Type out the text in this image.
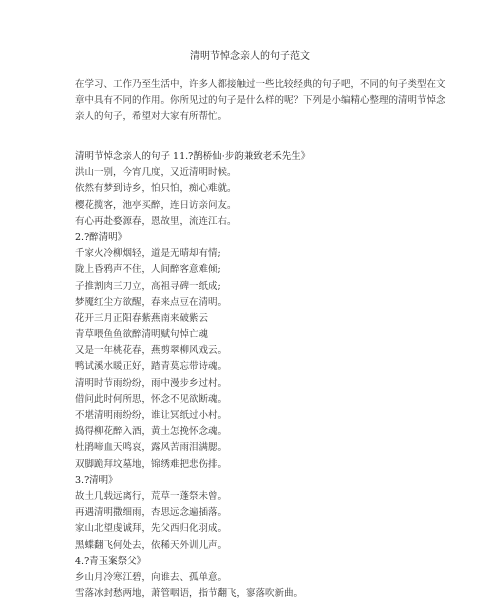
清明节悼念亲人的句子范文
在学习、工作乃至生活中，许多人都接触过一些比较经典的句子吧，不同的句子类型在文
章中具有不同的作用。你所见过的句子是什么样的呢？下列是小编精心整理的清明节悼念
亲人的句子，希望对大家有所帮忙。
清明节悼念亲人的句子 11.?鹊桥仙·步韵兼致老禾先生》
洪山一别，今宵几度，又近清明时候。
依然有梦到诗乡，怕只怕，痴心难就。
樱花揽客，池亭买醉，连日访亲问友。
有心再赴婺源春，恩故里，流连江右。
2.?醉清明》
千家火冷柳烟轻，道是无晴却有情;
陇上昏鸦声不住，人间醉客意难倾;
子推割肉三刀立，高祖寻碑一纸成;
梦魇红尘方欲醒，春来点豆在清明。
花开三月正阳春紫燕南来破紫云
青草喂鱼鱼欲醉清明赋句悼亡魂
又是一年桃花春，燕剪翠柳风戏云。
鸭试溪水暖正好，踏青莫忘带诗魂。
清明时节雨纷纷，雨中漫步乡过村。
借问此时何所思，怀念不见欲断魂。
不堪清明雨纷纷，谁让冥纸过小村。
捣得柳花醉入酒，黄土怎挽怀念魂。
杜鹃啼血天鸣哀，露风苦雨泪满腮。
双脚跪拜坟墓地，锦绣难把悲伤排。
3.?清明》
故土几载远离行，荒草一蓬祭未曾。
再遇清明撒细雨，杏思远念遍插落。
家山北望虔诚拜，先父西归化羽成。
黑蝶翻飞何处去，依稀天外训儿声。
4.?青玉案祭父》
乡山月冷寒江碧，向谁去、孤单意。
雪落冰封愁两地，萧管咽语，指节翻飞，寥落吹新曲。
